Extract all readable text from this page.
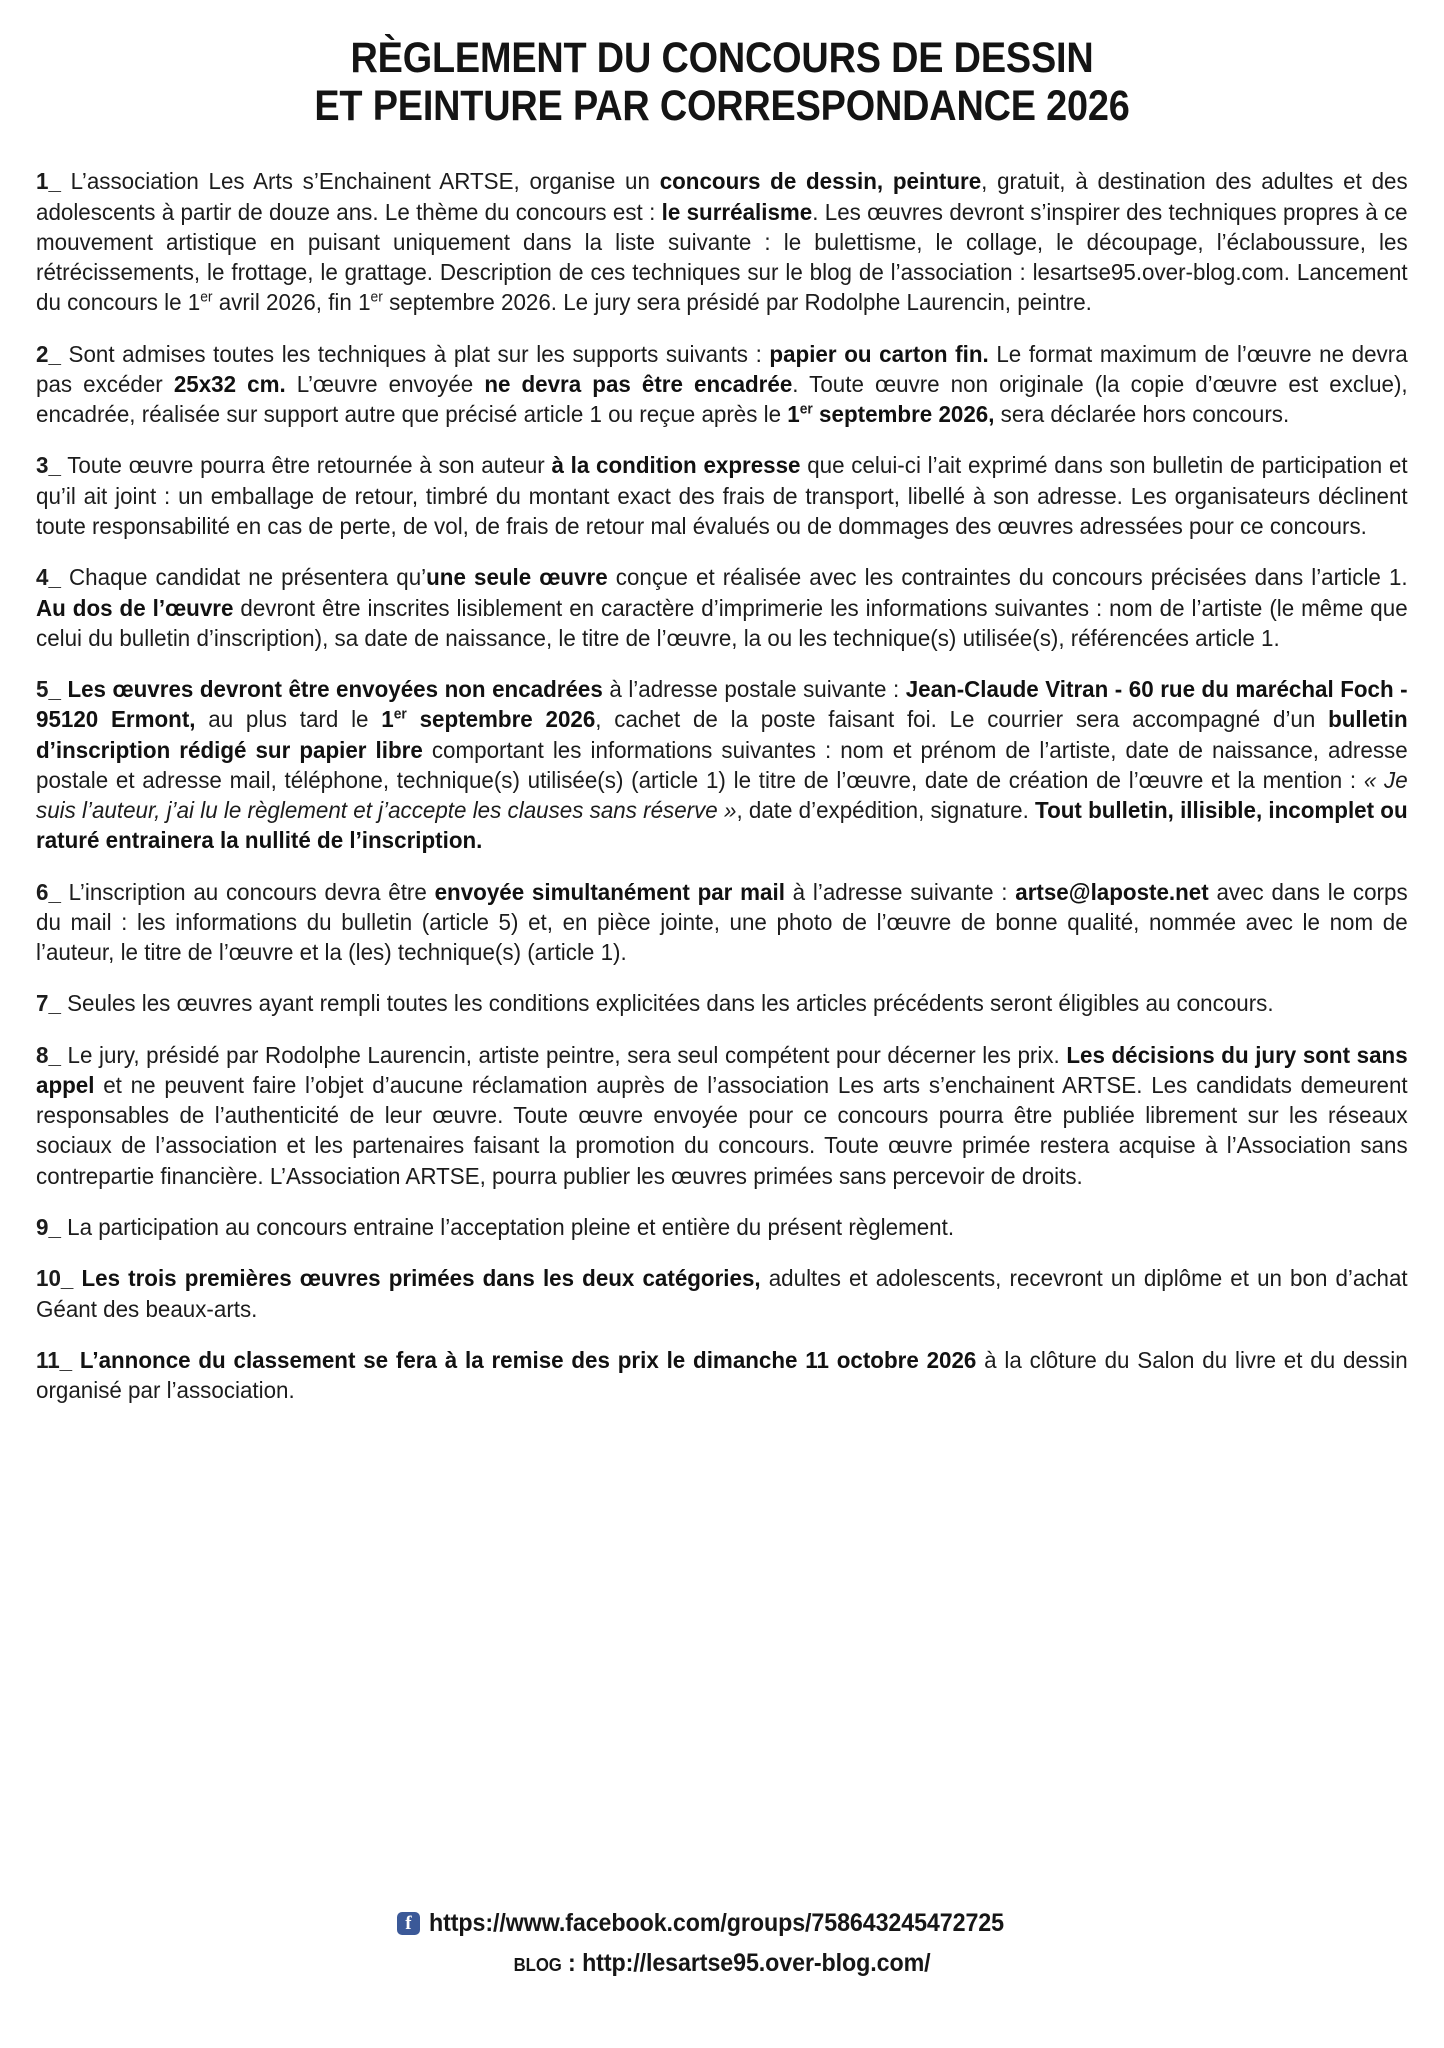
RÈGLEMENT DU CONCOURS DE DESSIN
ET PEINTURE PAR CORRESPONDANCE 2026

1 _ L’association Les Arts s’Enchainent ARTSE, organise un concours de dessin, peinture, gratuit, à destination des adultes et des adolescents à partir de douze ans. Le thème du concours est : le surréalisme. Les œuvres devront s’inspirer des techniques propres à ce mouvement artistique en puisant uniquement dans la liste suivante : le bulettisme, le collage, le découpage, l’éclaboussure, les rétrécissements, le frottage, le grattage. Description de ces techniques sur le blog de l’association : lesartse95.over-blog.com. Lancement du concours le 1er avril 2026, fin 1er septembre 2026. Le jury sera présidé par Rodolphe Laurencin, peintre.

2 _ Sont admises toutes les techniques à plat sur les supports suivants : papier ou carton fin. Le format maximum de l’œuvre ne devra pas excéder 25x32 cm. L’œuvre envoyée ne devra pas être encadrée. Toute œuvre non originale (la copie d’œuvre est exclue), encadrée, réalisée sur support autre que précisé article 1 ou reçue après le 1er septembre 2026, sera déclarée hors concours.

3 _ Toute œuvre pourra être retournée à son auteur à la condition expresse que celui-ci l’ait exprimé dans son bulletin de participation et qu’il ait joint : un emballage de retour, timbré du montant exact des frais de transport, libellé à son adresse. Les organisateurs déclinent toute responsabilité en cas de perte, de vol, de frais de retour mal évalués ou de dommages des œuvres adressées pour ce concours.

4 _ Chaque candidat ne présentera qu’une seule œuvre conçue et réalisée avec les contraintes du concours précisées dans l’article 1. Au dos de l’œuvre devront être inscrites lisiblement en caractère d’imprimerie les informations suivantes : nom de l’artiste (le même que celui du bulletin d’inscription), sa date de naissance, le titre de l’œuvre, la ou les technique(s) utilisée(s), référencées article 1.

5 _ Les œuvres devront être envoyées non encadrées à l’adresse postale suivante : Jean-Claude Vitran - 60 rue du maréchal Foch - 95120 Ermont, au plus tard le 1er septembre 2026, cachet de la poste faisant foi. Le courrier sera accompagné d’un bulletin d’inscription rédigé sur papier libre comportant les informations suivantes : nom et prénom de l’artiste, date de naissance, adresse postale et adresse mail, téléphone, technique(s) utilisée(s) (article 1) le titre de l’œuvre, date de création de l’œuvre et la mention : « Je suis l’auteur, j’ai lu le règlement et j’accepte les clauses sans réserve », date d’expédition, signature. Tout bulletin, illisible, incomplet ou raturé entrainera la nullité de l’inscription.

6 _ L’inscription au concours devra être envoyée simultanément par mail à l’adresse suivante : artse@laposte.net avec dans le corps du mail : les informations du bulletin (article 5) et, en pièce jointe, une photo de l’œuvre de bonne qualité, nommée avec le nom de l’auteur, le titre de l’œuvre et la (les) technique(s) (article 1).

7 _ Seules les œuvres ayant rempli toutes les conditions explicitées dans les articles précédents seront éligibles au concours.

8 _ Le jury, présidé par Rodolphe Laurencin, artiste peintre, sera seul compétent pour décerner les prix. Les décisions du jury sont sans appel et ne peuvent faire l’objet d’aucune réclamation auprès de l’association Les arts s’enchainent ARTSE. Les candidats demeurent responsables de l’authenticité de leur œuvre. Toute œuvre envoyée pour ce concours pourra être publiée librement sur les réseaux sociaux de l’association et les partenaires faisant la promotion du concours. Toute œuvre primée restera acquise à l’Association sans contrepartie financière. L’Association ARTSE, pourra publier les œuvres primées sans percevoir de droits.

9 _ La participation au concours entraine l’acceptation pleine et entière du présent règlement.

10 _ Les trois premières œuvres primées dans les deux catégories, adultes et adolescents, recevront un diplôme et un bon d’achat Géant des beaux-arts.

11 _ L’annonce du classement se fera à la remise des prix le dimanche 11 octobre 2026 à la clôture du Salon du livre et du dessin organisé par l’association.

f https://www.facebook.com/groups/758643245472725
blog : http://lesartse95.over-blog.com/
